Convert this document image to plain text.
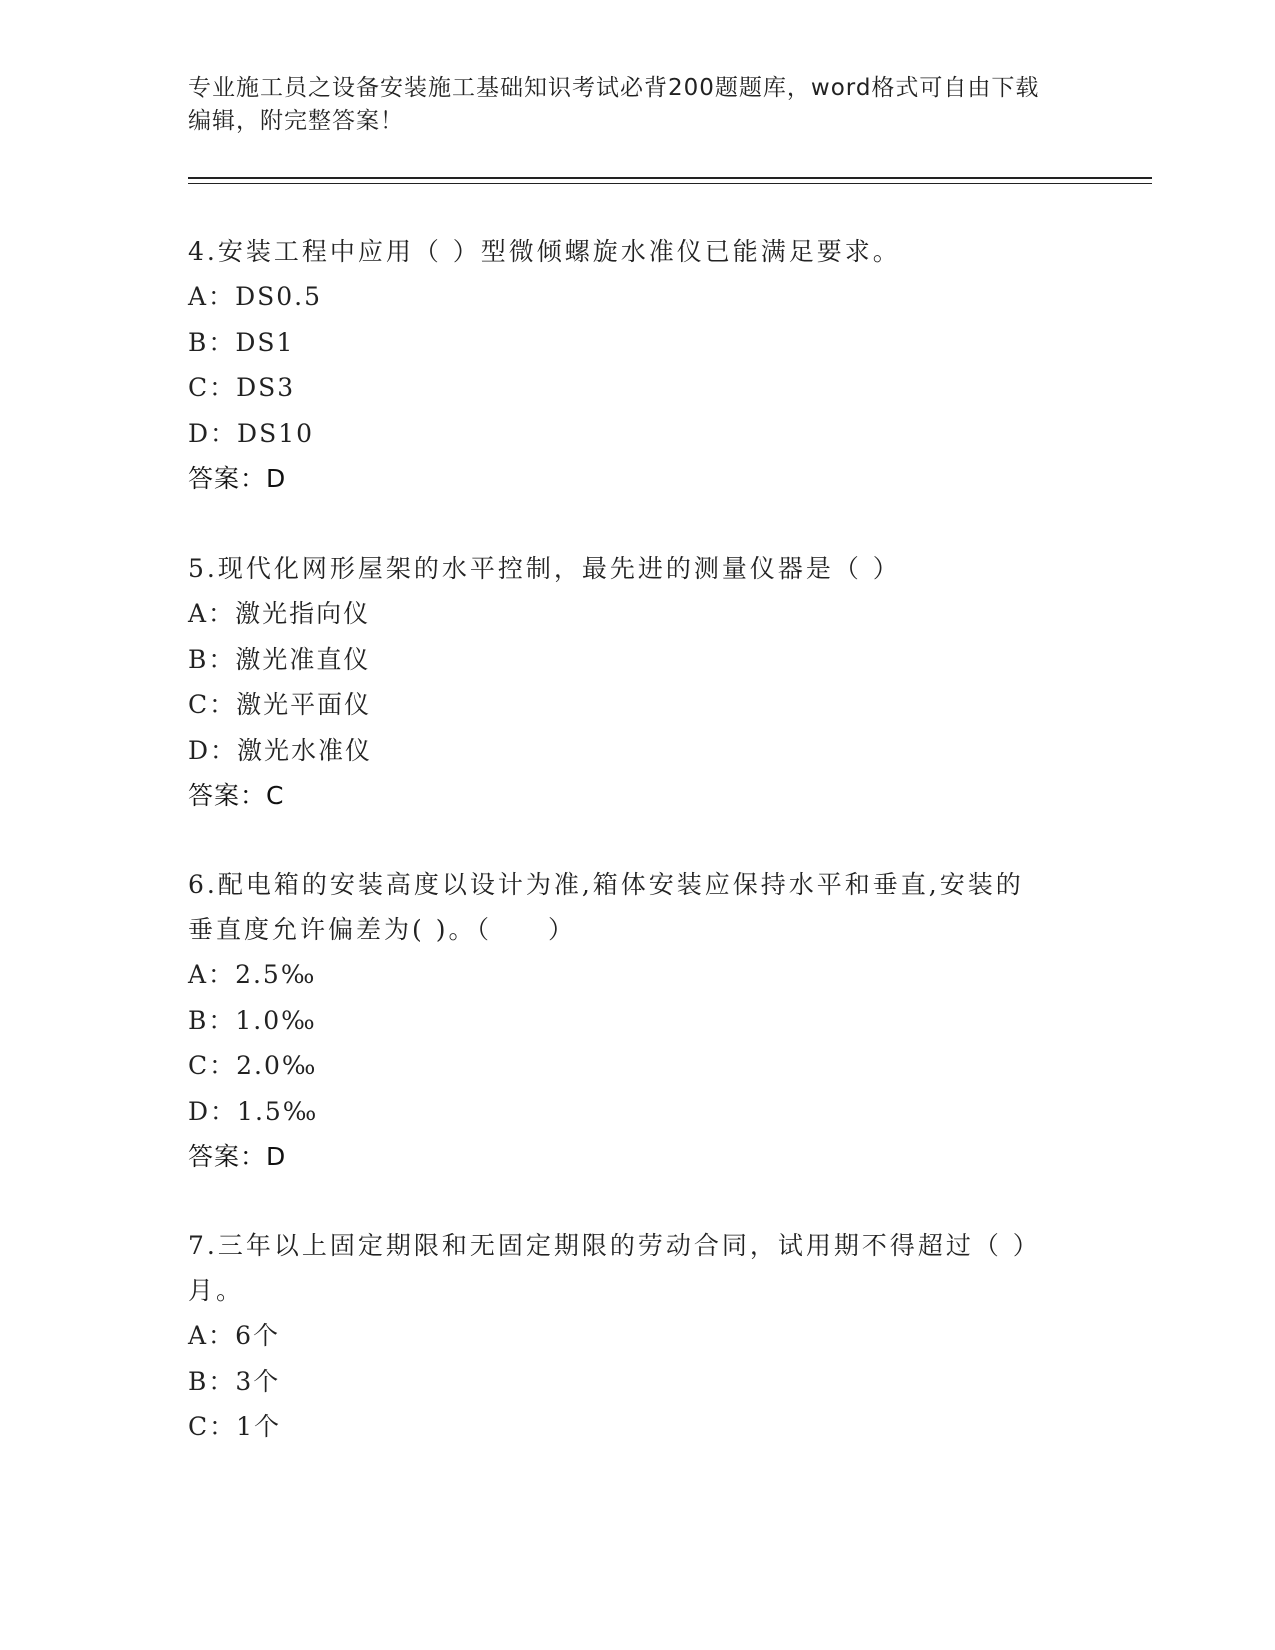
专业施工员之设备安装施工基础知识考试必背200题题库，word格式可自由下载
编辑，附完整答案！

4.安装工程中应用（ ）型微倾螺旋水准仪已能满足要求。

A：DS0.5

B：DS1

C：DS3

D：DS10

答案：D

5.现代化网形屋架的水平控制，最先进的测量仪器是（ ）

A：激光指向仪

B：激光准直仪

C：激光平面仪

D：激光水准仪

答案：C

6.配电箱的安装高度以设计为准,箱体安装应保持水平和垂直,安装的

垂直度允许偏差为( )。（　　）

A：2.5‰

B：1.0‰

C：2.0‰

D：1.5‰

答案：D

7.三年以上固定期限和无固定期限的劳动合同，试用期不得超过（ ）

月。

A：6个

B：3个

C：1个
